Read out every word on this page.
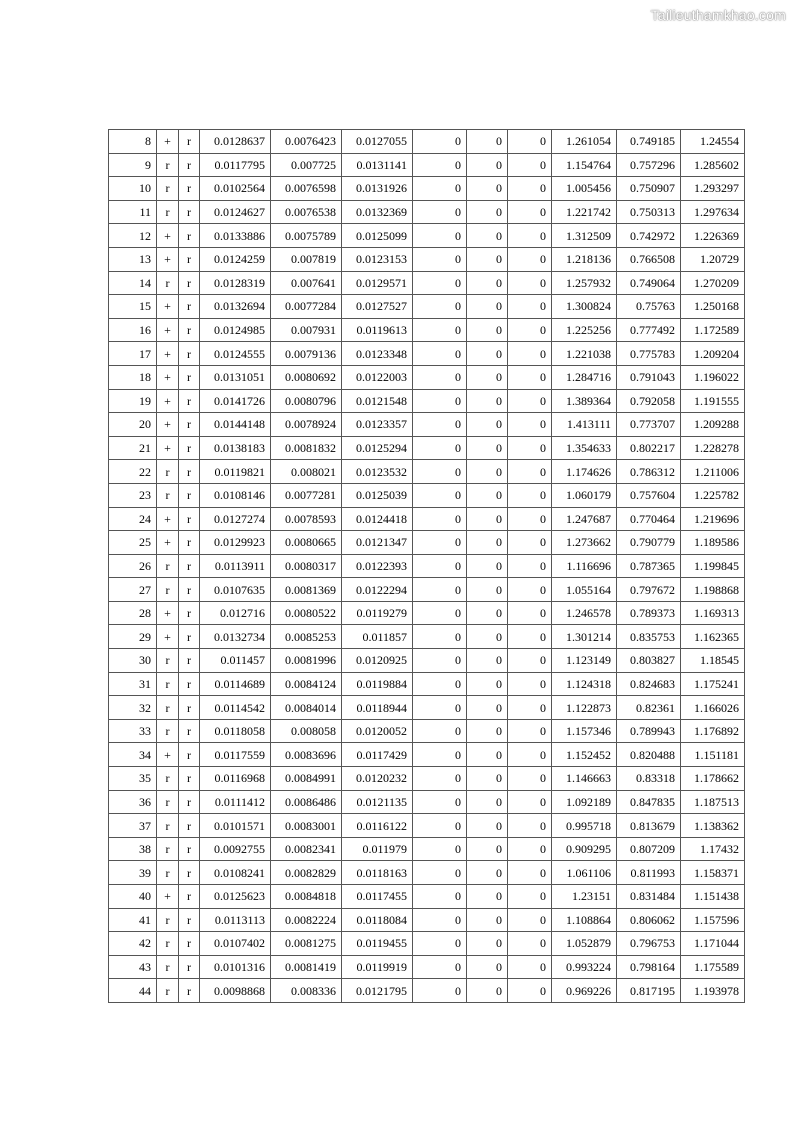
Tailieuthamkhao.com
8	+	r	0.0128637	0.0076423	0.0127055	0	0	0	1.261054	0.749185	1.24554
9	r	r	0.0117795	0.007725	0.0131141	0	0	0	1.154764	0.757296	1.285602
10	r	r	0.0102564	0.0076598	0.0131926	0	0	0	1.005456	0.750907	1.293297
11	r	r	0.0124627	0.0076538	0.0132369	0	0	0	1.221742	0.750313	1.297634
12	+	r	0.0133886	0.0075789	0.0125099	0	0	0	1.312509	0.742972	1.226369
13	+	r	0.0124259	0.007819	0.0123153	0	0	0	1.218136	0.766508	1.20729
14	r	r	0.0128319	0.007641	0.0129571	0	0	0	1.257932	0.749064	1.270209
15	+	r	0.0132694	0.0077284	0.0127527	0	0	0	1.300824	0.75763	1.250168
16	+	r	0.0124985	0.007931	0.0119613	0	0	0	1.225256	0.777492	1.172589
17	+	r	0.0124555	0.0079136	0.0123348	0	0	0	1.221038	0.775783	1.209204
18	+	r	0.0131051	0.0080692	0.0122003	0	0	0	1.284716	0.791043	1.196022
19	+	r	0.0141726	0.0080796	0.0121548	0	0	0	1.389364	0.792058	1.191555
20	+	r	0.0144148	0.0078924	0.0123357	0	0	0	1.413111	0.773707	1.209288
21	+	r	0.0138183	0.0081832	0.0125294	0	0	0	1.354633	0.802217	1.228278
22	r	r	0.0119821	0.008021	0.0123532	0	0	0	1.174626	0.786312	1.211006
23	r	r	0.0108146	0.0077281	0.0125039	0	0	0	1.060179	0.757604	1.225782
24	+	r	0.0127274	0.0078593	0.0124418	0	0	0	1.247687	0.770464	1.219696
25	+	r	0.0129923	0.0080665	0.0121347	0	0	0	1.273662	0.790779	1.189586
26	r	r	0.0113911	0.0080317	0.0122393	0	0	0	1.116696	0.787365	1.199845
27	r	r	0.0107635	0.0081369	0.0122294	0	0	0	1.055164	0.797672	1.198868
28	+	r	0.012716	0.0080522	0.0119279	0	0	0	1.246578	0.789373	1.169313
29	+	r	0.0132734	0.0085253	0.011857	0	0	0	1.301214	0.835753	1.162365
30	r	r	0.011457	0.0081996	0.0120925	0	0	0	1.123149	0.803827	1.18545
31	r	r	0.0114689	0.0084124	0.0119884	0	0	0	1.124318	0.824683	1.175241
32	r	r	0.0114542	0.0084014	0.0118944	0	0	0	1.122873	0.82361	1.166026
33	r	r	0.0118058	0.008058	0.0120052	0	0	0	1.157346	0.789943	1.176892
34	+	r	0.0117559	0.0083696	0.0117429	0	0	0	1.152452	0.820488	1.151181
35	r	r	0.0116968	0.0084991	0.0120232	0	0	0	1.146663	0.83318	1.178662
36	r	r	0.0111412	0.0086486	0.0121135	0	0	0	1.092189	0.847835	1.187513
37	r	r	0.0101571	0.0083001	0.0116122	0	0	0	0.995718	0.813679	1.138362
38	r	r	0.0092755	0.0082341	0.011979	0	0	0	0.909295	0.807209	1.17432
39	r	r	0.0108241	0.0082829	0.0118163	0	0	0	1.061106	0.811993	1.158371
40	+	r	0.0125623	0.0084818	0.0117455	0	0	0	1.23151	0.831484	1.151438
41	r	r	0.0113113	0.0082224	0.0118084	0	0	0	1.108864	0.806062	1.157596
42	r	r	0.0107402	0.0081275	0.0119455	0	0	0	1.052879	0.796753	1.171044
43	r	r	0.0101316	0.0081419	0.0119919	0	0	0	0.993224	0.798164	1.175589
44	r	r	0.0098868	0.008336	0.0121795	0	0	0	0.969226	0.817195	1.193978
